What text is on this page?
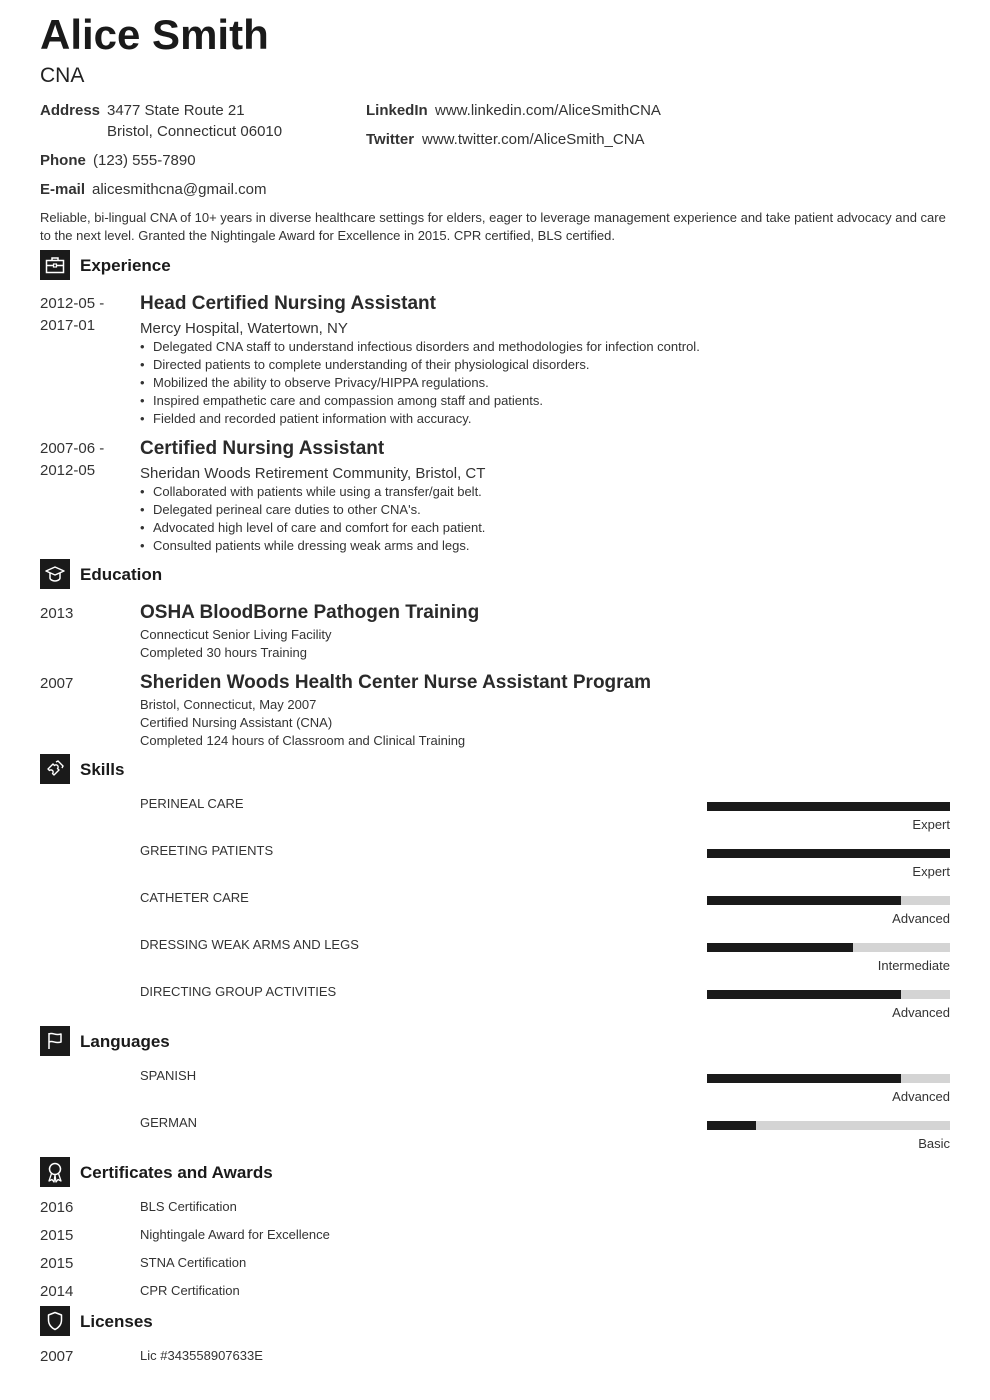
Alice Smith
CNA
Address 3477 State Route 21
Bristol, Connecticut 06010
Phone (123) 555-7890
E-mail alicesmithcna@gmail.com
LinkedIn www.linkedin.com/AliceSmithCNA
Twitter www.twitter.com/AliceSmith_CNA
Reliable, bi-lingual CNA of 10+ years in diverse healthcare settings for elders, eager to leverage management experience and take patient advocacy and care to the next level. Granted the Nightingale Award for Excellence in 2015. CPR certified, BLS certified.
Experience
2012-05 -
2017-01
Head Certified Nursing Assistant
Mercy Hospital, Watertown, NY
• Delegated CNA staff to understand infectious disorders and methodologies for infection control.
• Directed patients to complete understanding of their physiological disorders.
• Mobilized the ability to observe Privacy/HIPPA regulations.
• Inspired empathetic care and compassion among staff and patients.
• Fielded and recorded patient information with accuracy.
2007-06 -
2012-05
Certified Nursing Assistant
Sheridan Woods Retirement Community, Bristol, CT
• Collaborated with patients while using a transfer/gait belt.
• Delegated perineal care duties to other CNA's.
• Advocated high level of care and comfort for each patient.
• Consulted patients while dressing weak arms and legs.
Education
2013	OSHA BloodBorne Pathogen Training
Connecticut Senior Living Facility
Completed 30 hours Training
2007	Sheriden Woods Health Center Nurse Assistant Program
Bristol, Connecticut, May 2007
Certified Nursing Assistant (CNA)
Completed 124 hours of Classroom and Clinical Training
Skills
PERINEAL CARE
Expert
GREETING PATIENTS
Expert
CATHETER CARE
Advanced
DRESSING WEAK ARMS AND LEGS
Intermediate
DIRECTING GROUP ACTIVITIES
Advanced
Languages
SPANISH
Advanced
GERMAN
Basic
Certificates and Awards
2016	BLS Certification
2015	Nightingale Award for Excellence
2015	STNA Certification
2014	CPR Certification
Licenses
2007	Lic #343558907633E
